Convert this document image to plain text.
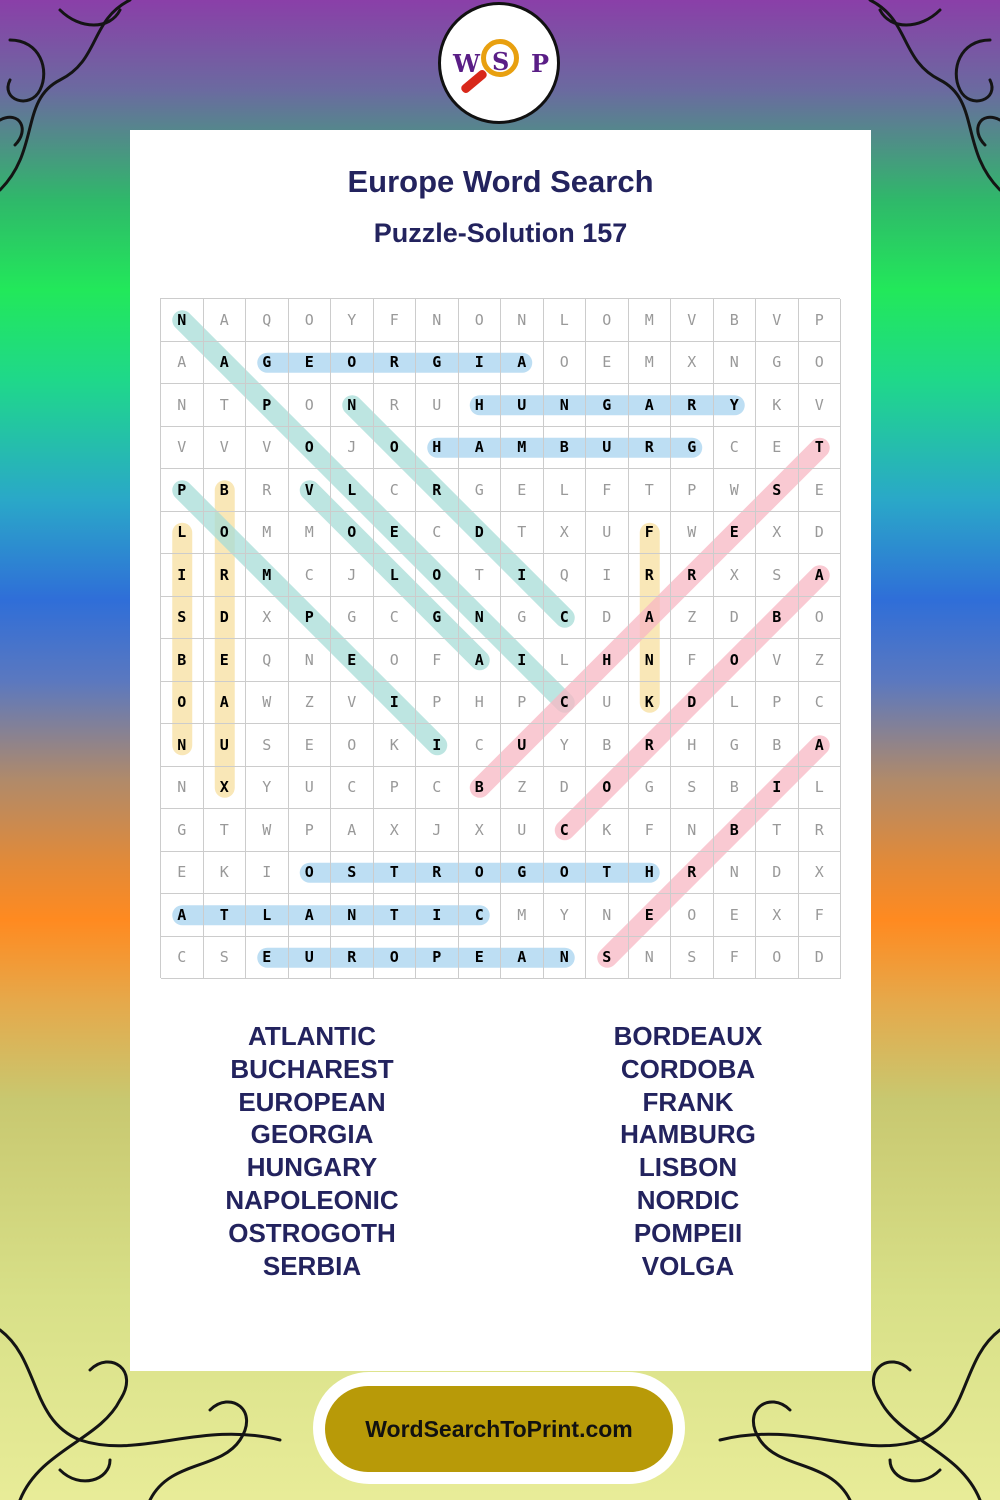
W S P
Europe Word Search
Puzzle-Solution 157
N	A	Q	O	Y	F	N	O	N	L	O	M	V	B	V	P
A	A	G	E	O	R	G	I	A	O	E	M	X	N	G	O
N	T	P	O	N	R	U	H	U	N	G	A	R	Y	K	V
V	V	V	O	J	O	H	A	M	B	U	R	G	C	E	T
P	B	R	V	L	C	R	G	E	L	F	T	P	W	S	E
L	O	M	M	O	E	C	D	T	X	U	F	W	E	X	D
I	R	M	C	J	L	O	T	I	Q	I	R	R	X	S	A
S	D	X	P	G	C	G	N	G	C	D	A	Z	D	B	O
B	E	Q	N	E	O	F	A	I	L	H	N	F	O	V	Z
O	A	W	Z	V	I	P	H	P	C	U	K	D	L	P	C
N	U	S	E	O	K	I	C	U	Y	B	R	H	G	B	A
N	X	Y	U	C	P	C	B	Z	D	O	G	S	B	I	L
G	T	W	P	A	X	J	X	U	C	K	F	N	B	T	R
E	K	I	O	S	T	R	O	G	O	T	H	R	N	D	X
A	T	L	A	N	T	I	C	M	Y	N	E	O	E	X	F
C	S	E	U	R	O	P	E	A	N	S	N	S	F	O	D
ATLANTIC
BUCHAREST
EUROPEAN
GEORGIA
HUNGARY
NAPOLEONIC
OSTROGOTH
SERBIA
BORDEAUX
CORDOBA
FRANK
HAMBURG
LISBON
NORDIC
POMPEII
VOLGA
WordSearchToPrint.com
